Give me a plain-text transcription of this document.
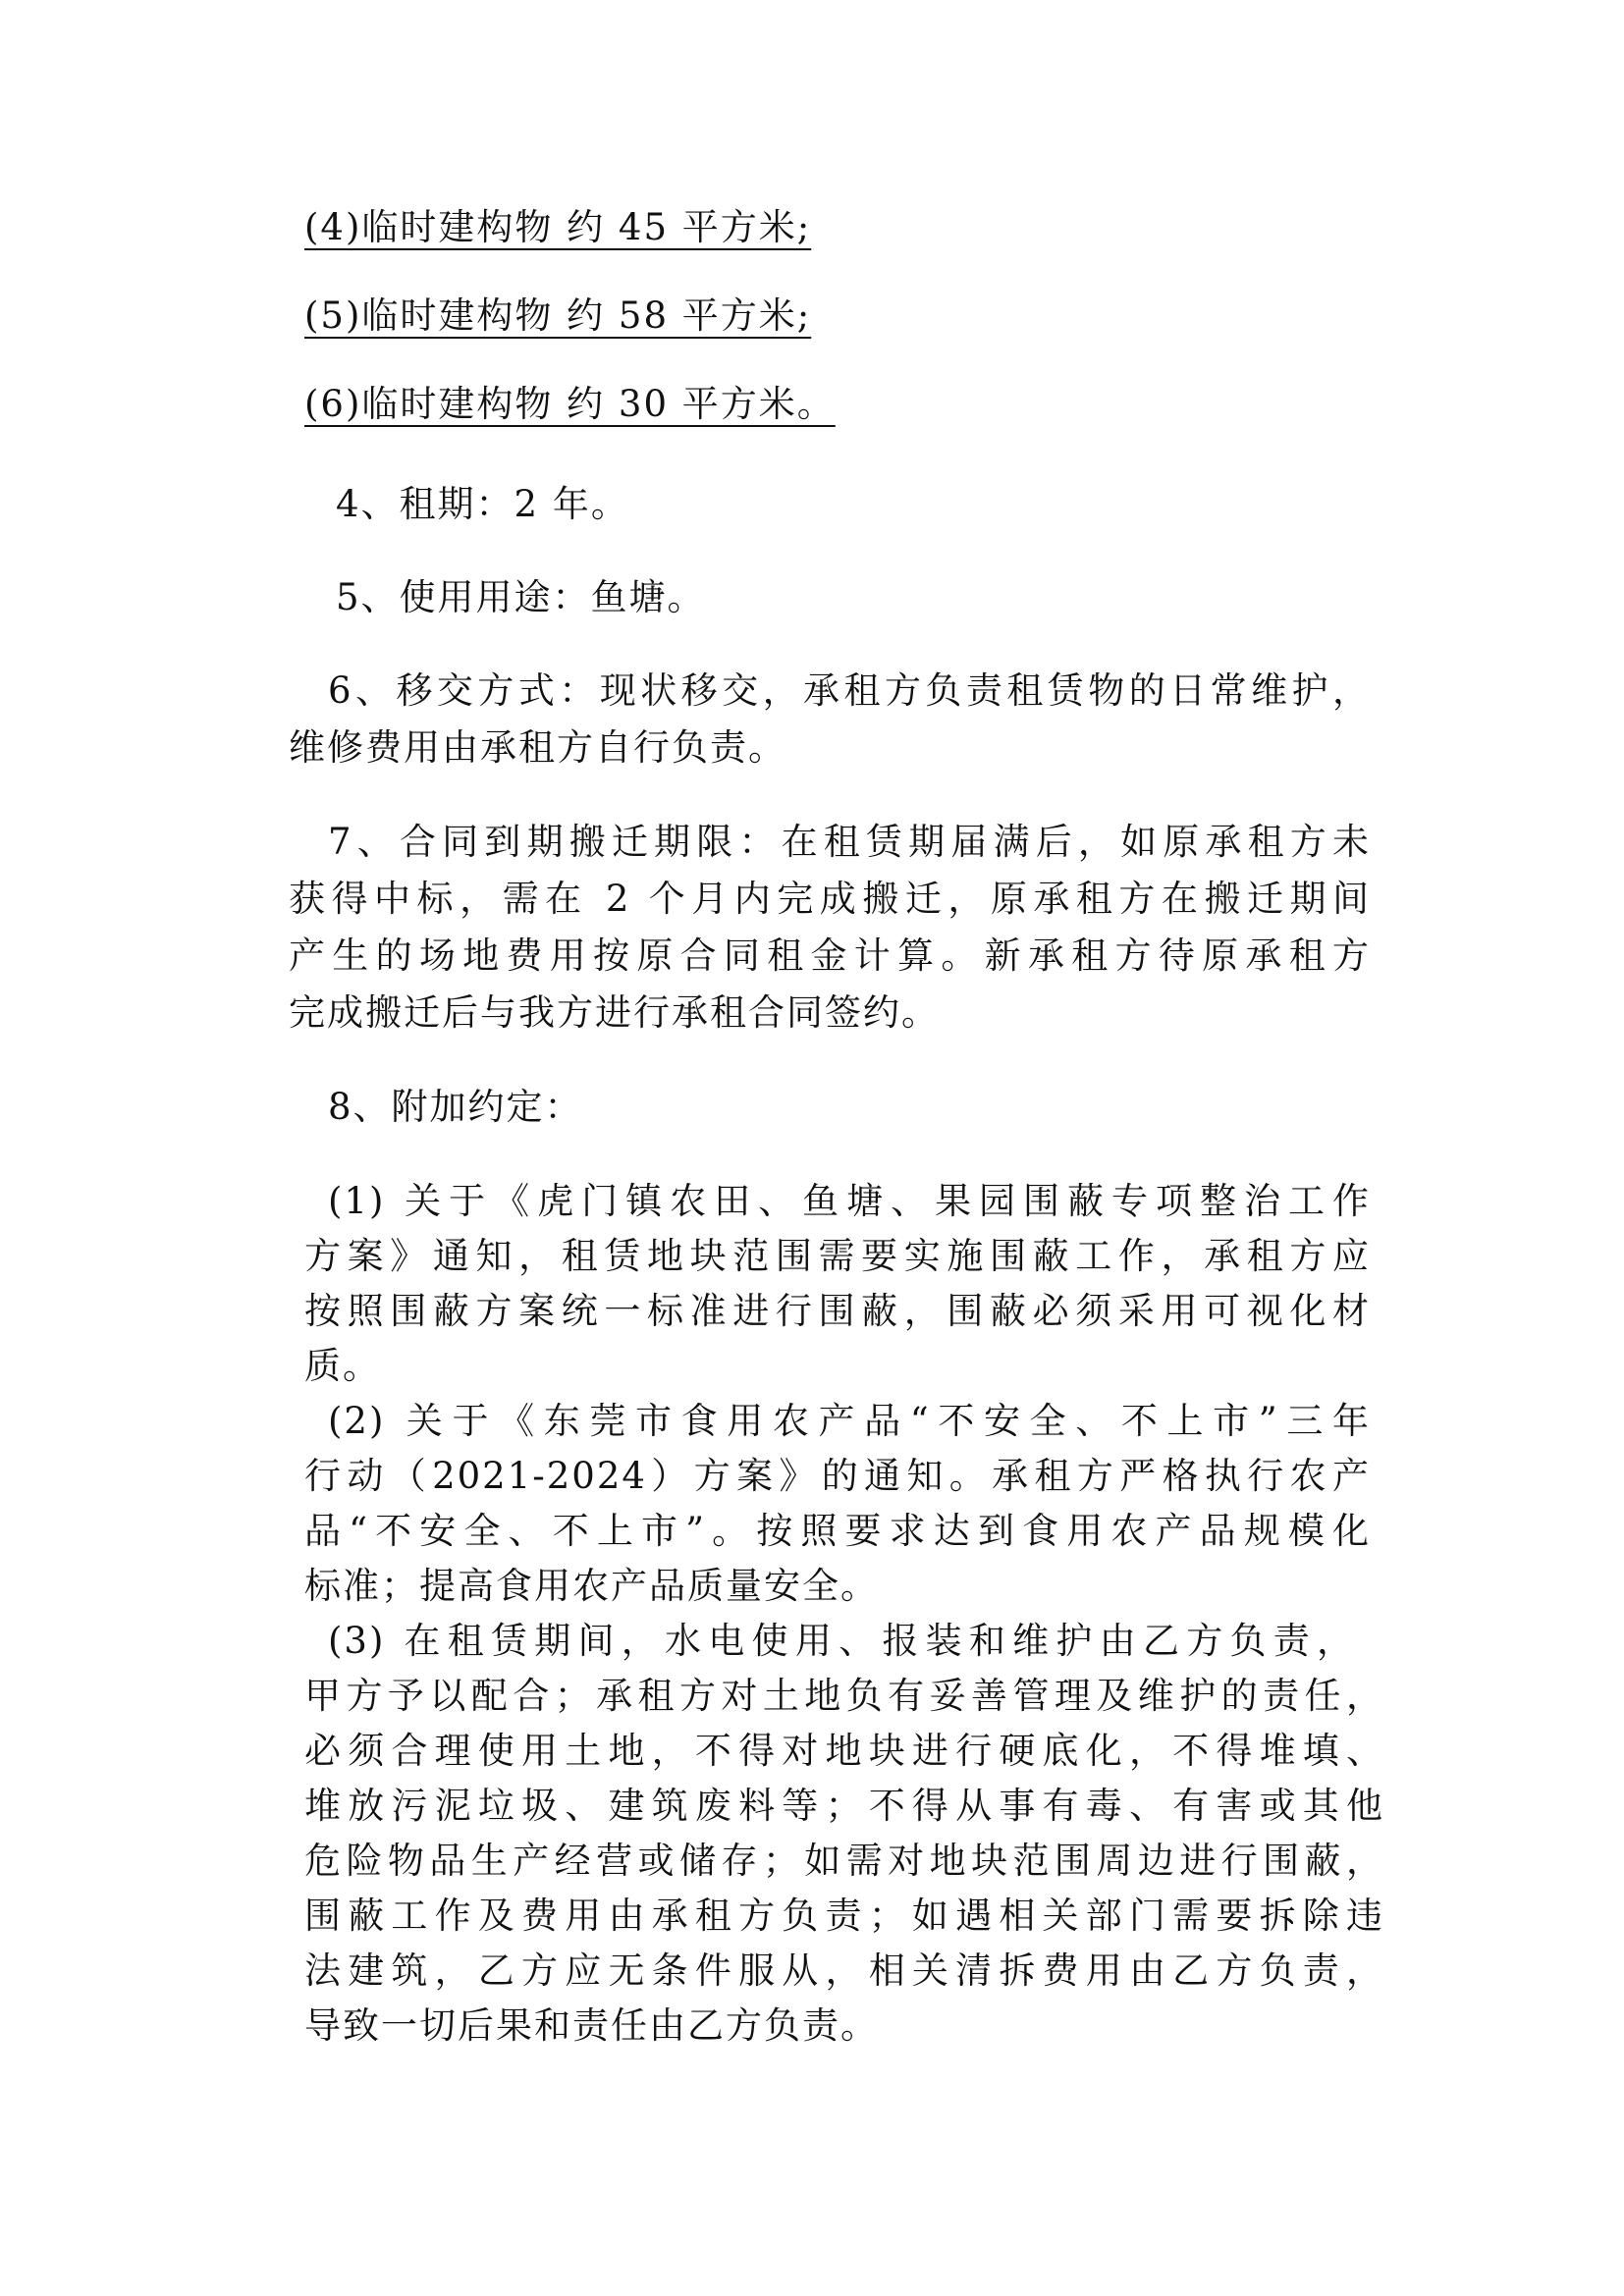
(4)临时建构物 约 45 平方米;
(5)临时建构物 约 58 平方米;
(6)临时建构物 约 30 平方米。
4、租期：2 年。
5、使用用途：鱼塘。
6、移交方式：现状移交，承租方负责租赁物的日常维护，
维修费用由承租方自行负责。
7、合同到期搬迁期限：在租赁期届满后，如原承租方未
获得中标，需在 2 个月内完成搬迁，原承租方在搬迁期间
产生的场地费用按原合同租金计算。新承租方待原承租方
完成搬迁后与我方进行承租合同签约。
8、附加约定：
(1) 关于《虎门镇农田、鱼塘、果园围蔽专项整治工作
方案》通知，租赁地块范围需要实施围蔽工作，承租方应
按照围蔽方案统一标准进行围蔽，围蔽必须采用可视化材
质。
(2) 关于《东莞市食用农产品“不安全、不上市”三年
行动（2021-2024）方案》的通知。承租方严格执行农产
品“不安全、不上市”。按照要求达到食用农产品规模化
标准；提高食用农产品质量安全。
(3) 在租赁期间，水电使用、报装和维护由乙方负责，
甲方予以配合；承租方对土地负有妥善管理及维护的责任，
必须合理使用土地，不得对地块进行硬底化，不得堆填、
堆放污泥垃圾、建筑废料等；不得从事有毒、有害或其他
危险物品生产经营或储存；如需对地块范围周边进行围蔽，
围蔽工作及费用由承租方负责；如遇相关部门需要拆除违
法建筑，乙方应无条件服从，相关清拆费用由乙方负责，
导致一切后果和责任由乙方负责。
